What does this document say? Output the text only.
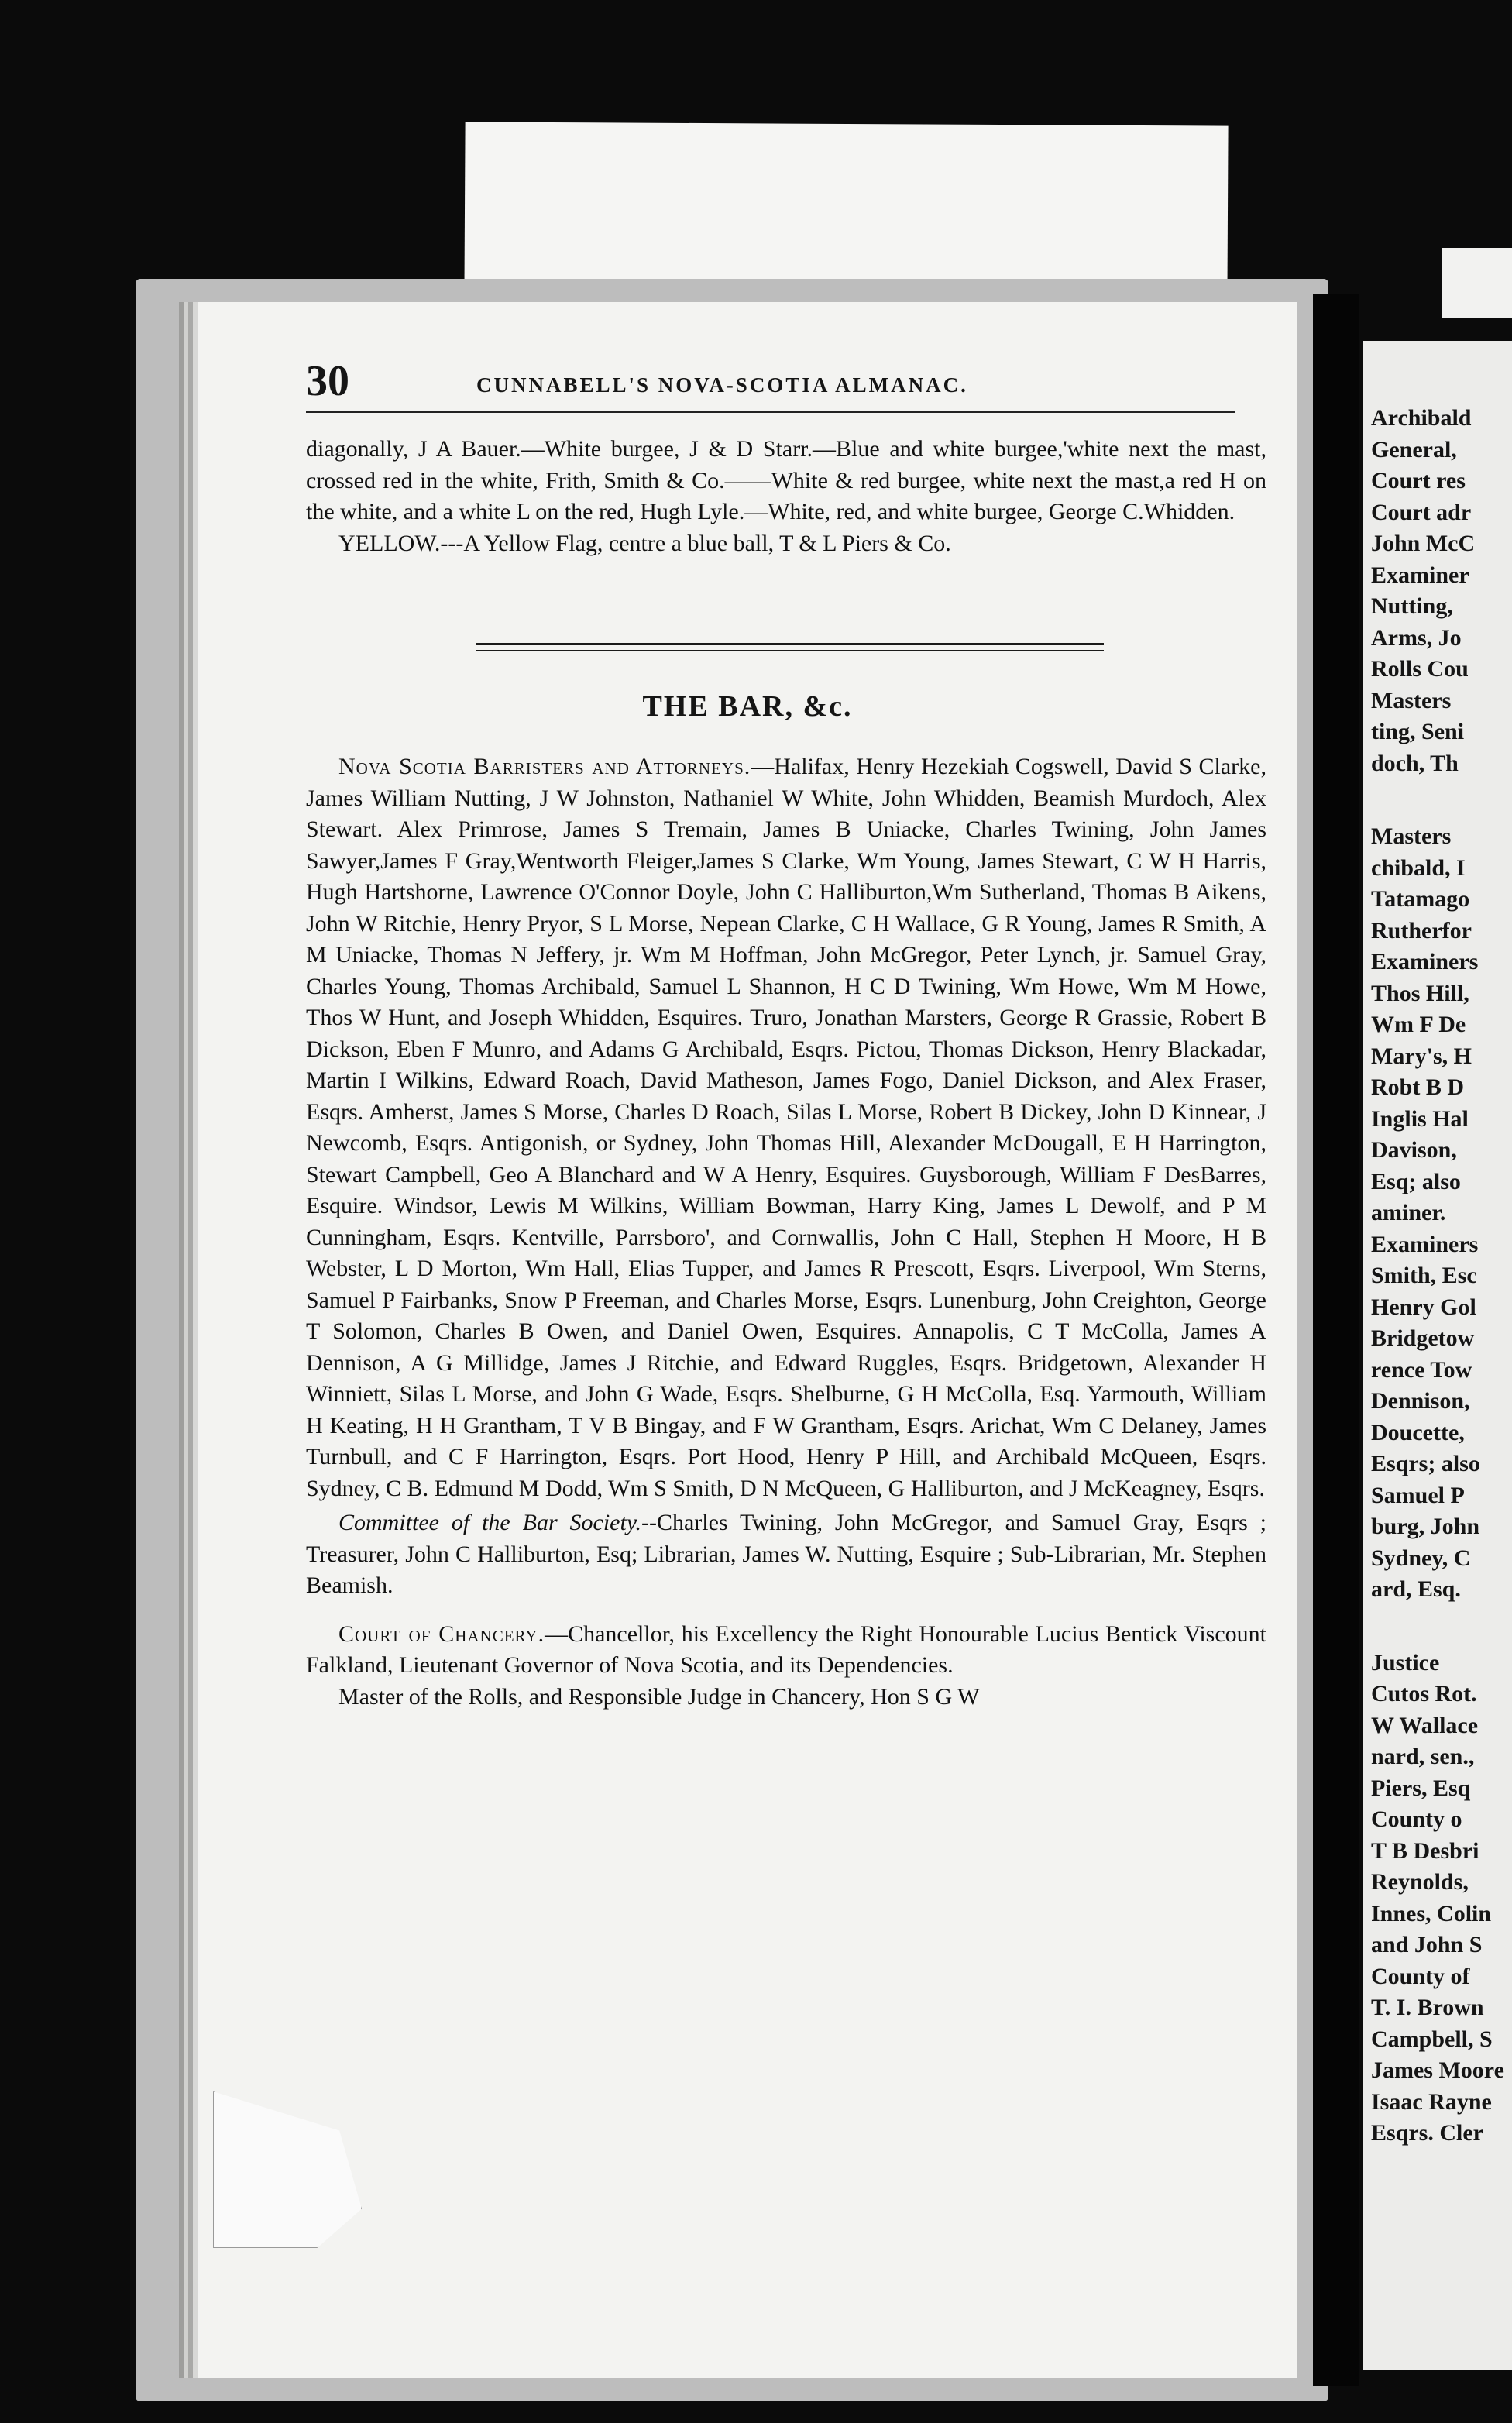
30	CUNNABELL'S NOVA-SCOTIA ALMANAC.

diagonally, J A Bauer.—White burgee, J & D Starr.—Blue and white burgee,'white next the mast, crossed red in the white, Frith, Smith & Co.——White & red burgee, white next the mast,a red H on the white, and a white L on the red, Hugh Lyle.—White, red, and white burgee, George C.Whidden.

YELLOW.---A Yellow Flag, centre a blue ball, T & L Piers & Co.

THE BAR, &c.

Nova Scotia Barristers and Attorneys.—Halifax, Henry Hezekiah Cogswell, David S Clarke, James William Nutting, J W Johnston, Nathaniel W White, John Whidden, Beamish Murdoch, Alex Stewart. Alex Primrose, James S Tremain, James B Uniacke, Charles Twining, John James Sawyer,James F Gray,Wentworth Fleiger,James S Clarke, Wm Young, James Stewart, C W H Harris, Hugh Hartshorne, Lawrence O'Connor Doyle, John C Halliburton,Wm Sutherland, Thomas B Aikens, John W Ritchie, Henry Pryor, S L Morse, Nepean Clarke, C H Wallace, G R Young, James R Smith, A M Uniacke, Thomas N Jeffery, jr. Wm M Hoffman, John McGregor, Peter Lynch, jr. Samuel Gray, Charles Young, Thomas Archibald, Samuel L Shannon, H C D Twining, Wm Howe, Wm M Howe, Thos W Hunt, and Joseph Whidden, Esquires. Truro, Jonathan Marsters, George R Grassie, Robert B Dickson, Eben F Munro, and Adams G Archibald, Esqrs. Pictou, Thomas Dickson, Henry Blackadar, Martin I Wilkins, Edward Roach, David Matheson, James Fogo, Daniel Dickson, and Alex Fraser, Esqrs. Amherst, James S Morse, Charles D Roach, Silas L Morse, Robert B Dickey, John D Kinnear, J Newcomb, Esqrs. Antigonish, or Sydney, John Thomas Hill, Alexander McDougall, E H Harrington, Stewart Campbell, Geo A Blanchard and W A Henry, Esquires. Guysborough, William F DesBarres, Esquire. Windsor, Lewis M Wilkins, William Bowman, Harry King, James L Dewolf, and P M Cunningham, Esqrs. Kentville, Parrsboro', and Cornwallis, John C Hall, Stephen H Moore, H B Webster, L D Morton, Wm Hall, Elias Tupper, and James R Prescott, Esqrs. Liverpool, Wm Sterns, Samuel P Fairbanks, Snow P Freeman, and Charles Morse, Esqrs. Lunenburg, John Creighton, George T Solomon, Charles B Owen, and Daniel Owen, Esquires. Annapolis, C T McColla, James A Dennison, A G Millidge, James J Ritchie, and Edward Ruggles, Esqrs. Bridgetown, Alexander H Winniett, Silas L Morse, and John G Wade, Esqrs. Shelburne, G H McColla, Esq. Yarmouth, William H Keating, H H Grantham, T V B Bingay, and F W Grantham, Esqrs. Arichat, Wm C Delaney, James Turnbull, and C F Harrington, Esqrs. Port Hood, Henry P Hill, and Archibald McQueen, Esqrs. Sydney, C B. Edmund M Dodd, Wm S Smith, D N McQueen, G Halliburton, and J McKeagney, Esqrs.

Committee of the Bar Society.--Charles Twining, John McGregor, and Samuel Gray, Esqrs ; Treasurer, John C Halliburton, Esq; Librarian, James W. Nutting, Esquire ; Sub-Librarian, Mr. Stephen Beamish.

Court of Chancery.—Chancellor, his Excellency the Right Honourable Lucius Bentick Viscount Falkland, Lieutenant Governor of Nova Scotia, and its Dependencies.

Master of the Rolls, and Responsible Judge in Chancery, Hon S G W

Archibald
General,
Court res
Court adr
John McC
Examiner
Nutting,
Arms, Jo
Rolls Cou
Masters
ting, Seni
doch, Th
Masters
chibald, I
Tatamago
Rutherfor
Examiners
Thos Hill,
Wm F De
Mary's, H
Robt B D
Inglis Hal
Davison,
Esq; also
aminer.
Examiners
Smith, Esc
Henry Gol
Bridgetow
rence Tow
Dennison,
Doucette,
Esqrs; also
Samuel P
burg, John
Sydney, C
ard, Esq.
Justice
Cutos Rot.
W Wallace
nard, sen.,
Piers, Esq
County o
T B Desbri
Reynolds,
Innes, Colin
and John S
County of
T. I. Brown
Campbell, S
James Moore
Isaac Rayne
Esqrs. Cler
